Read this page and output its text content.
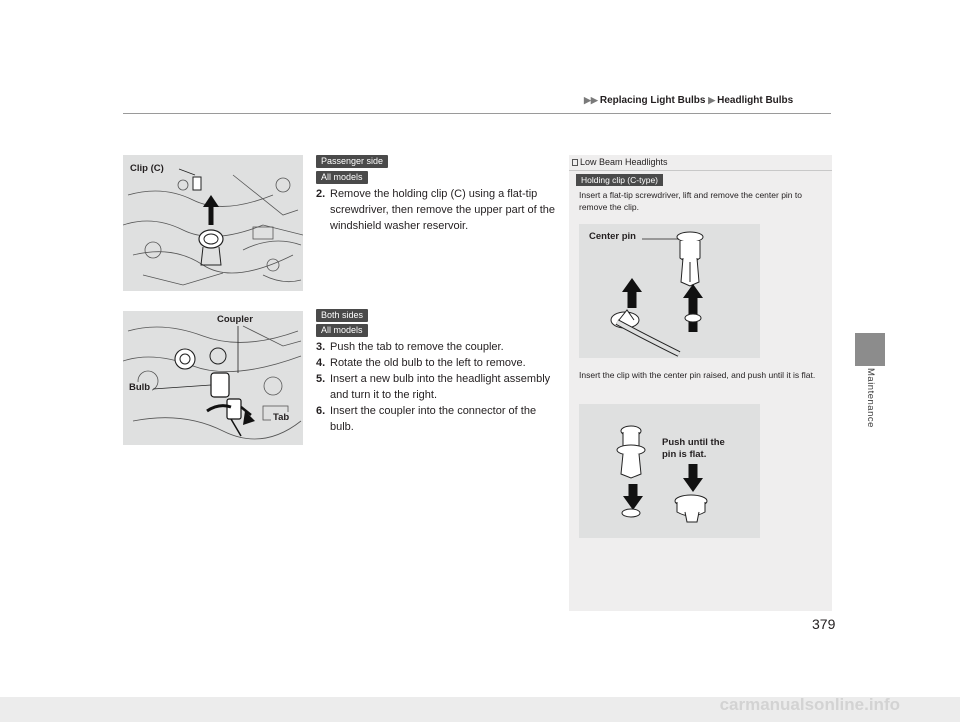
▶▶ Replacing Light Bulbs ▶ Headlight Bulbs
Maintenance
Clip (C)
Passenger side
All models
2. Remove the holding clip (C) using a flat-tip screwdriver, then remove the upper part of the windshield washer reservoir.
Coupler
Bulb
Tab
Both sides
All models
3. Push the tab to remove the coupler.
4. Rotate the old bulb to the left to remove.
5. Insert a new bulb into the headlight assembly and turn it to the right.
6. Insert the coupler into the connector of the bulb.
Low Beam Headlights
Holding clip (C-type)
Insert a flat-tip screwdriver, lift and remove the center pin to remove the clip.
Center pin
Insert the clip with the center pin raised, and push until it is flat.
Push until the
pin is flat.
379
carmanualsonline.info
